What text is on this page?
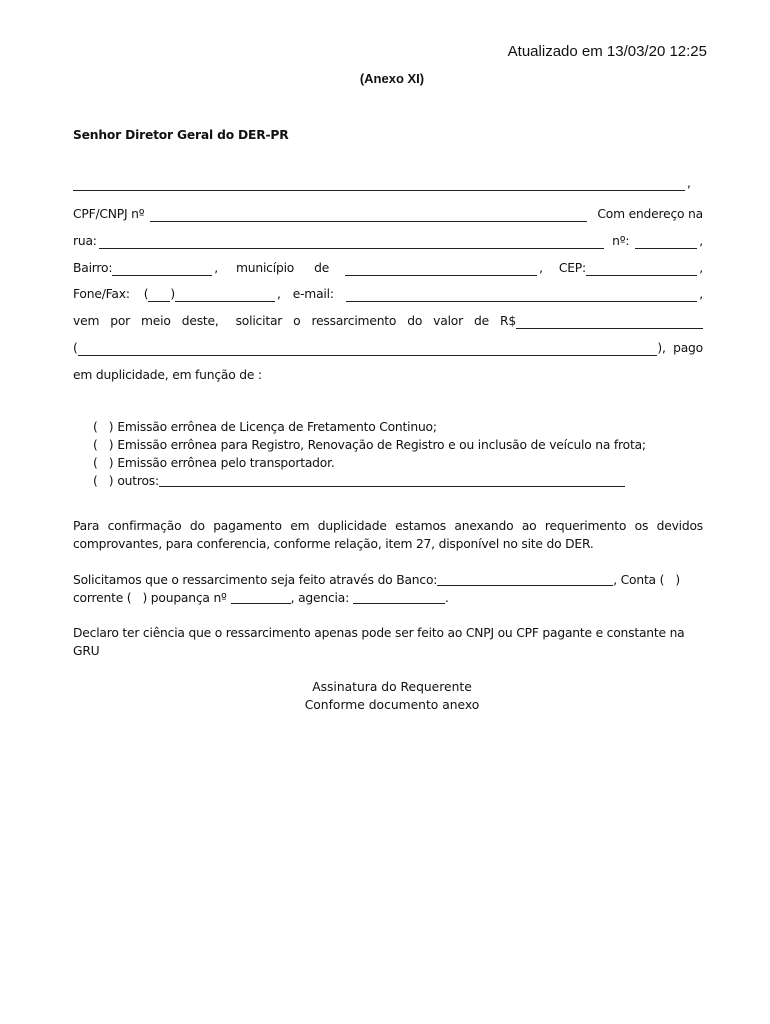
Atualizado em 13/03/20 12:25
(Anexo XI)
Senhor Diretor Geral do DER-PR
,
CPF/CNPJ nº	Com endereço na
rua:	nº:	,
Bairro:	, município de	, CEP:	,
Fone/Fax: ( )	, e-mail:	,
vem por meio deste, solicitar o ressarcimento do valor de R$
(	),  pago
em duplicidade, em função de :
(   ) Emissão errônea de Licença de Fretamento Continuo;
(   ) Emissão errônea para Registro, Renovação de Registro e ou inclusão de veículo na frota;
(   ) Emissão errônea pelo transportador.
(   ) outros:
Para confirmação do pagamento em duplicidade estamos anexando ao requerimento os devidos comprovantes, para conferencia, conforme relação, item 27, disponível no site do DER.
Solicitamos que o ressarcimento seja feito através do Banco:	, Conta (   )
corrente (   ) poupança nº	, agencia:	.
Declaro ter ciência que o ressarcimento apenas pode ser feito ao CNPJ ou CPF pagante e constante na GRU
Assinatura do Requerente
Conforme documento anexo
